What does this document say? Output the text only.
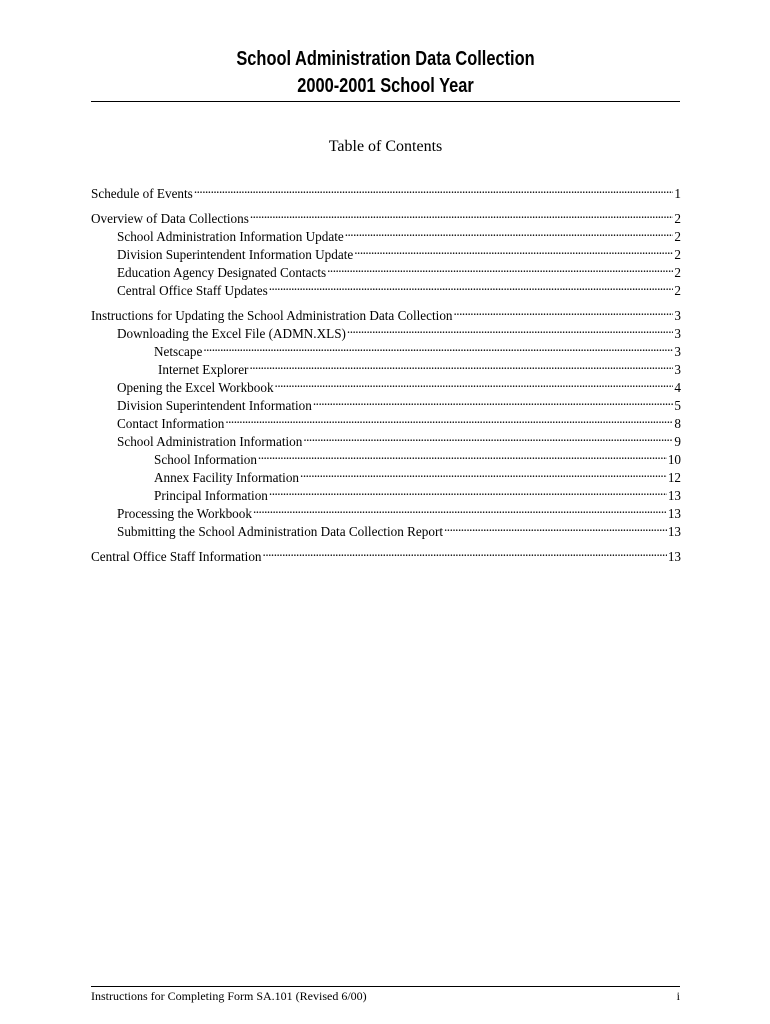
School Administration Data Collection
2000-2001 School Year
Table of Contents
Schedule of Events . . .	1
Overview of Data Collections . . .	2
School Administration Information Update . . .	2
Division Superintendent Information Update . . .	2
Education Agency Designated Contacts . . .	2
Central Office Staff Updates . . .	2
Instructions for Updating the School Administration Data Collection . . .	3
Downloading the Excel File (ADMN.XLS) . . .	3
Netscape . . .	3
Internet Explorer . . .	3
Opening the Excel Workbook . . .	4
Division Superintendent Information . . .	5
Contact Information . . .	8
School Administration Information . . .	9
School Information . . .	10
Annex Facility Information . . .	12
Principal Information . . .	13
Processing the Workbook . . .	13
Submitting the School Administration Data Collection Report . . .	13
Central Office Staff Information . . .	13
Instructions for Completing Form SA.101 (Revised 6/00)	i
